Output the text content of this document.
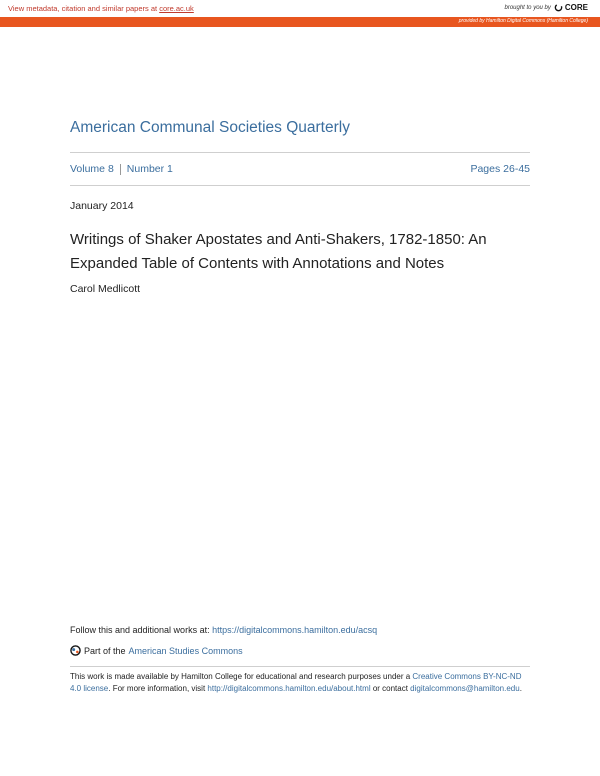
View metadata, citation and similar papers at core.ac.uk	brought to you by CORE
provided by Hamilton Digital Commons (Hamilton College)
American Communal Societies Quarterly
Volume 8 Number 1	Pages 26-45
January 2014
Writings of Shaker Apostates and Anti-Shakers, 1782-1850: An Expanded Table of Contents with Annotations and Notes
Carol Medlicott
Follow this and additional works at: https://digitalcommons.hamilton.edu/acsq
Part of the American Studies Commons
This work is made available by Hamilton College for educational and research purposes under a Creative Commons BY-NC-ND 4.0 license. For more information, visit http://digitalcommons.hamilton.edu/about.html or contact digitalcommons@hamilton.edu.
